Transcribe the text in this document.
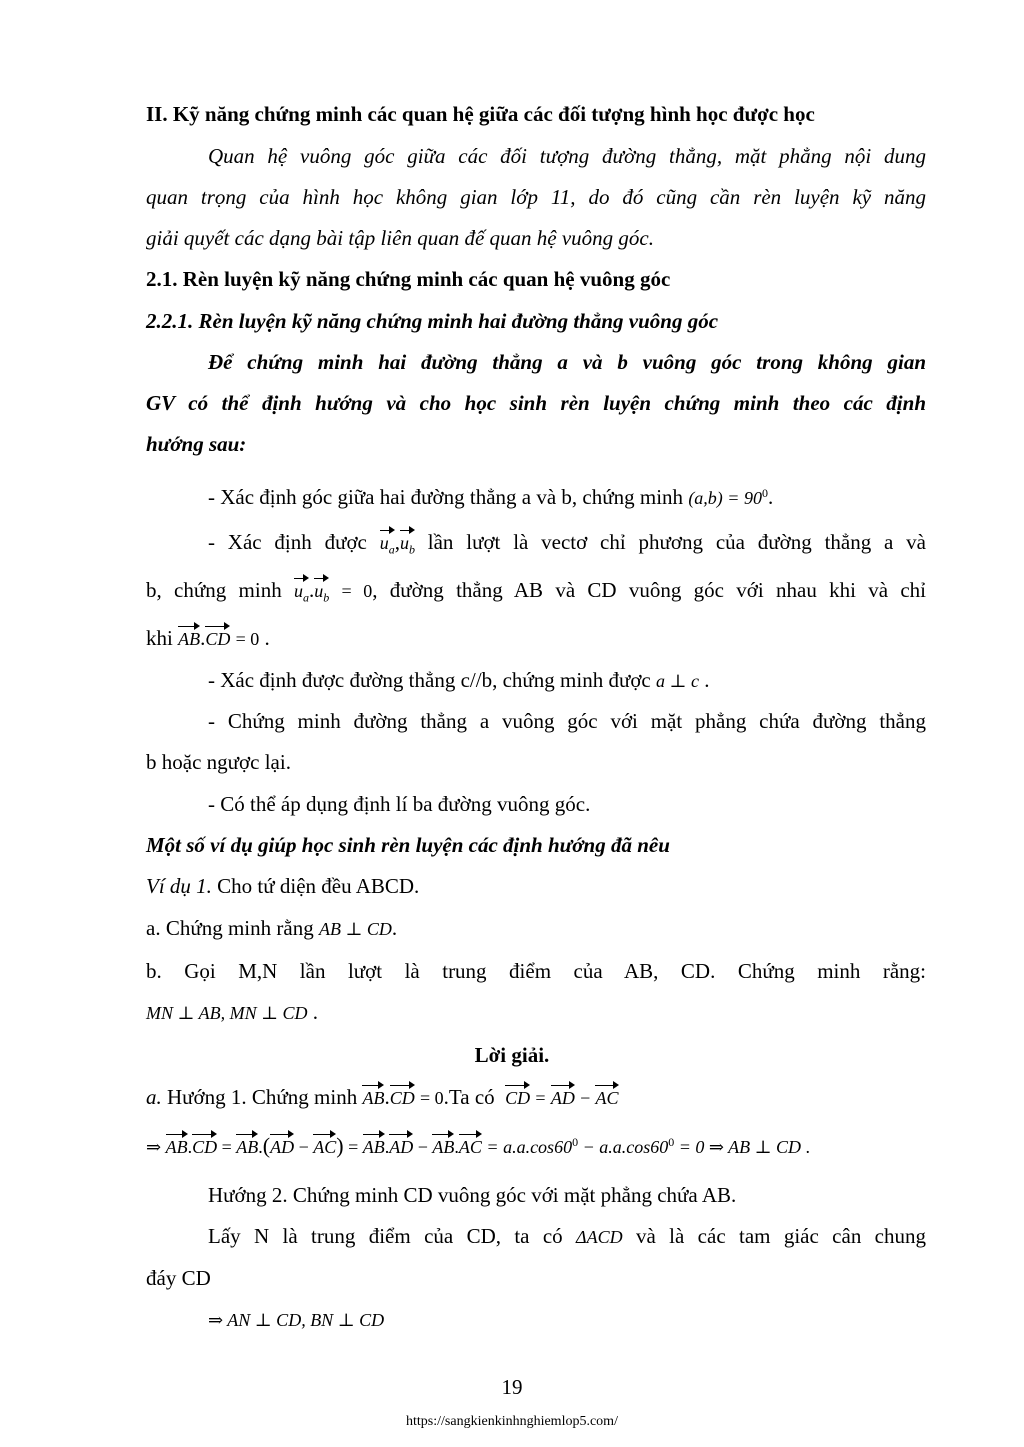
II. Kỹ năng chứng minh các quan hệ giữa các đối tượng hình học được học
Quan hệ vuông góc giữa các đối tượng đường thẳng, mặt phẳng nội dung
quan trọng của hình học không gian lớp 11, do đó cũng cần rèn luyện kỹ năng
giải quyết các dạng bài tập liên quan đế quan hệ vuông góc.
2.1. Rèn luyện kỹ năng chứng minh các quan hệ vuông góc
2.2.1. Rèn luyện kỹ năng chứng minh hai đường thẳng vuông góc
Để chứng minh hai đường thẳng a và b vuông góc trong không gian
GV có thể định hướng và cho học sinh rèn luyện chứng minh theo các định
hướng sau:
- Xác định góc giữa hai đường thẳng a và b, chứng minh $(a,b) = 90^0$.
- Xác định được $u_a,u_b$ lần lượt là vectơ chỉ phương của đường thẳng a và
b, chứng minh $u_a.u_b = 0$, đường thẳng AB và CD vuông góc với nhau khi và chỉ
khi AB.CD = 0 .
- Xác định được đường thẳng c//b, chứng minh được a ⊥ c .
- Chứng minh đường thẳng a vuông góc với mặt phẳng chứa đường thẳng
b hoặc ngược lại.
- Có thể áp dụng định lí ba đường vuông góc.
Một số ví dụ giúp học sinh rèn luyện các định hướng đã nêu
Ví dụ 1. Cho tứ diện đều ABCD.
a. Chứng minh rằng AB ⊥ CD.
b. Gọi M,N lần lượt là trung điểm của AB, CD. Chứng minh rằng:
MN ⊥ AB, MN ⊥ CD .
Lời giải.
a. Hướng 1. Chứng minh AB.CD = 0.Ta có CD = AD − AC
⇒ $AB.CD = AB.(AD - AC) = AB.AD - AB.AC = a.a.\cos 60^0 - a.a.\cos 60^0 = 0$ ⇒ AB ⊥ CD .
Hướng 2. Chứng minh CD vuông góc với mặt phẳng chứa AB.
Lấy N là trung điểm của CD, ta có ΔACD và là các tam giác cân chung
đáy CD
⇒ AN ⊥ CD, BN ⊥ CD
19
https://sangkienkinhnghiemlop5.com/
